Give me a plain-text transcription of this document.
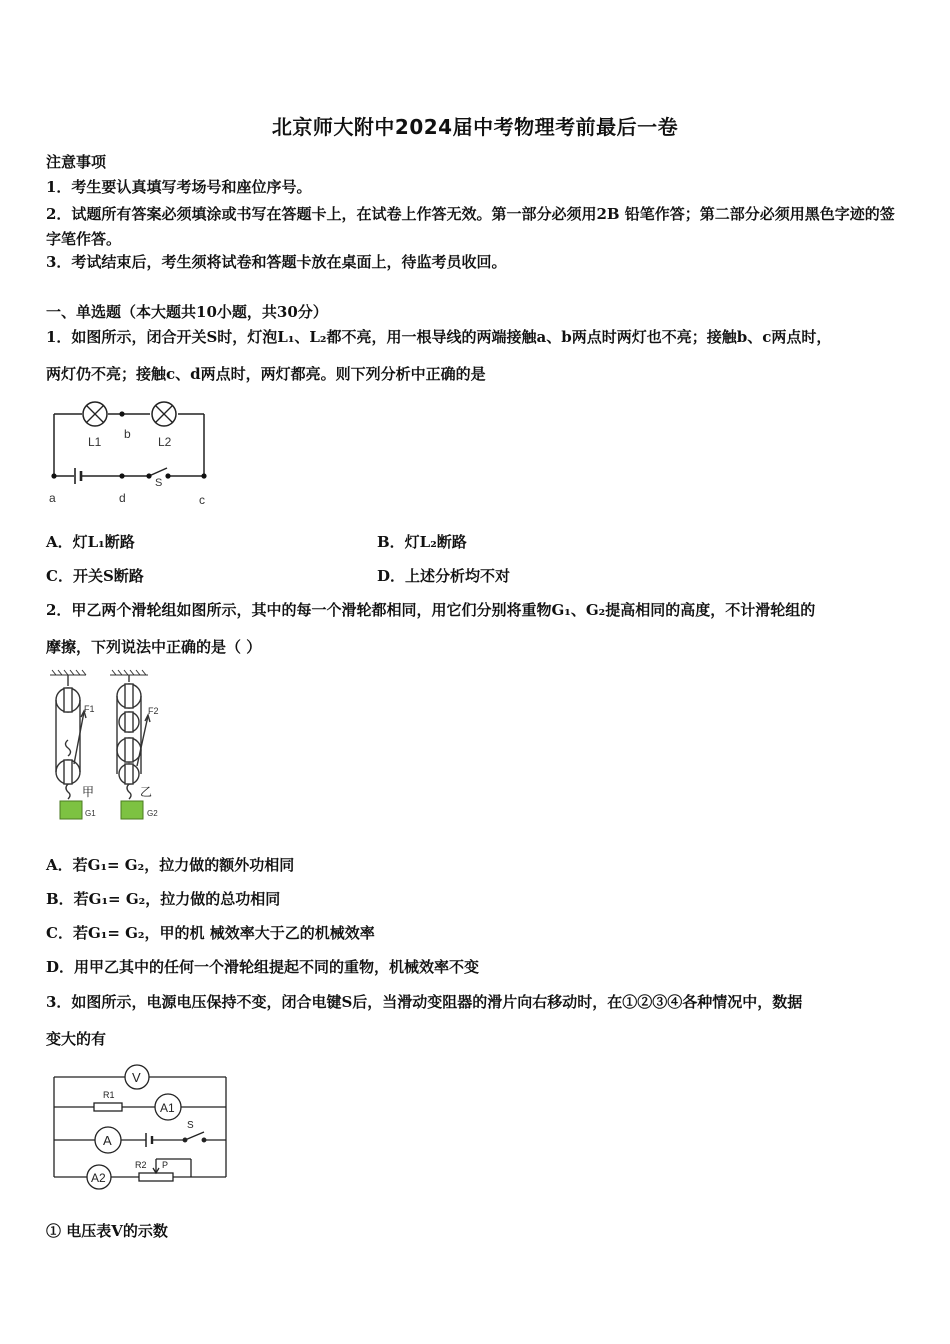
北京师大附中2024届中考物理考前最后一卷
注意事项
1．考生要认真填写考场号和座位序号。
2．试题所有答案必须填涂或书写在答题卡上，在试卷上作答无效。第一部分必须用2B 铅笔作答；第二部分必须用黑色字迹的签字笔作答。
3．考试结束后，考生须将试卷和答题卡放在桌面上，待监考员收回。
一、单选题（本大题共10小题，共30分）
1．如图所示，闭合开关S时，灯泡L₁、L₂都不亮，用一根导线的两端接触a、b两点时两灯也不亮；接触b、c两点时，
两灯仍不亮；接触c、d两点时，两灯都亮。则下列分析中正确的是
L1	L2
b
a	d	c
S
A．灯L₁断路	B．灯L₂断路
C．开关S断路	D．上述分析均不对
2．甲乙两个滑轮组如图所示，其中的每一个滑轮都相同，用它们分别将重物G₁、G₂提高相同的高度，不计滑轮组的
摩擦，下列说法中正确的是（ ）
F1	F2
甲	乙
G1	G2
A．若G₁= G₂，拉力做的额外功相同
B．若G₁= G₂，拉力做的总功相同
C．若G₁= G₂，甲的机 械效率大于乙的机械效率
D．用甲乙其中的任何一个滑轮组提起不同的重物，机械效率不变
3．如图所示，电源电压保持不变，闭合电键S后，当滑动变阻器的滑片向右移动时，在①②③④各种情况中，数据
变大的有
V
R1
A1
A
S
A2
R2 P
① 电压表V的示数
